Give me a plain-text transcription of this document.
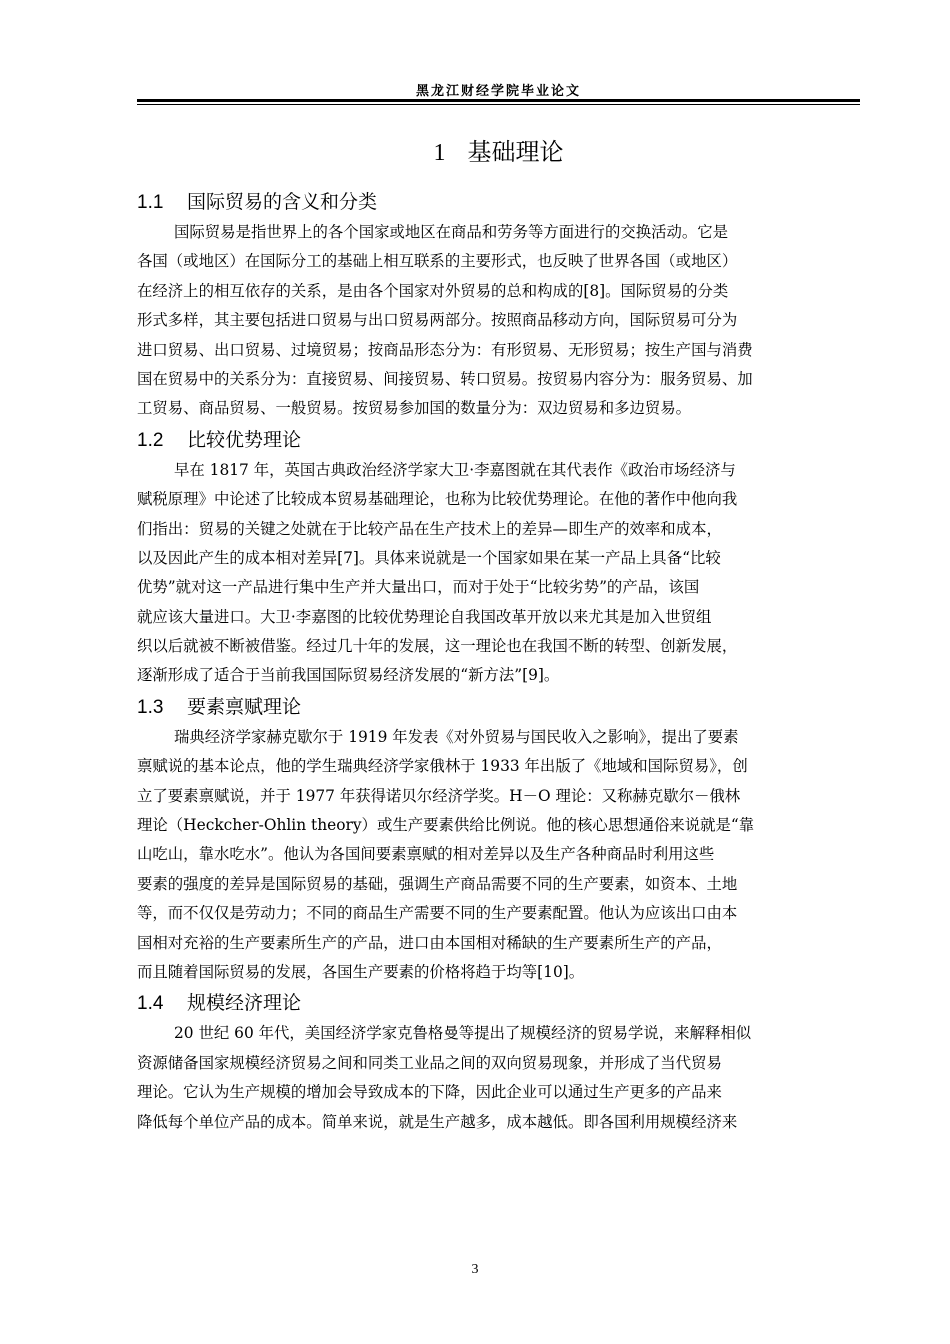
黑龙江财经学院毕业论文
1 基础理论
1.1 国际贸易的含义和分类

国际贸易是指世界上的各个国家或地区在商品和劳务等方面进行的交换活动。它是

各国（或地区）在国际分工的基础上相互联系的主要形式，也反映了世界各国（或地区）

在经济上的相互依存的关系，是由各个国家对外贸易的总和构成的[8]。国际贸易的分类

形式多样，其主要包括进口贸易与出口贸易两部分。按照商品移动方向，国际贸易可分为

进口贸易、出口贸易、过境贸易；按商品形态分为：有形贸易、无形贸易；按生产国与消费

国在贸易中的关系分为：直接贸易、间接贸易、转口贸易。按贸易内容分为：服务贸易、加

工贸易、商品贸易、一般贸易。按贸易参加国的数量分为：双边贸易和多边贸易。

1.2 比较优势理论

早在 1817 年，英国古典政治经济学家大卫·李嘉图就在其代表作《政治市场经济与

赋税原理》中论述了比较成本贸易基础理论，也称为比较优势理论。在他的著作中他向我

们指出：贸易的关键之处就在于比较产品在生产技术上的差异—即生产的效率和成本，

以及因此产生的成本相对差异[7]。具体来说就是一个国家如果在某一产品上具备“比较

优势”就对这一产品进行集中生产并大量出口，而对于处于“比较劣势”的产品，该国

就应该大量进口。大卫·李嘉图的比较优势理论自我国改革开放以来尤其是加入世贸组

织以后就被不断被借鉴。经过几十年的发展，这一理论也在我国不断的转型、创新发展，

逐渐形成了适合于当前我国国际贸易经济发展的“新方法”[9]。

1.3 要素禀赋理论

瑞典经济学家赫克歇尔于 1919 年发表《对外贸易与国民收入之影响》，提出了要素

禀赋说的基本论点，他的学生瑞典经济学家俄林于 1933 年出版了《地域和国际贸易》，创

立了要素禀赋说，并于 1977 年获得诺贝尔经济学奖。H－O 理论：又称赫克歇尔－俄林

理论（Heckcher-Ohlin theory）或生产要素供给比例说。他的核心思想通俗来说就是“靠

山吃山，靠水吃水”。他认为各国间要素禀赋的相对差异以及生产各种商品时利用这些

要素的强度的差异是国际贸易的基础，强调生产商品需要不同的生产要素，如资本、土地

等，而不仅仅是劳动力；不同的商品生产需要不同的生产要素配置。他认为应该出口由本

国相对充裕的生产要素所生产的产品，进口由本国相对稀缺的生产要素所生产的产品，

而且随着国际贸易的发展，各国生产要素的价格将趋于均等[10]。

1.4 规模经济理论

20 世纪 60 年代，美国经济学家克鲁格曼等提出了规模经济的贸易学说，来解释相似

资源储备国家规模经济贸易之间和同类工业品之间的双向贸易现象，并形成了当代贸易

理论。它认为生产规模的增加会导致成本的下降，因此企业可以通过生产更多的产品来

降低每个单位产品的成本。简单来说，就是生产越多，成本越低。即各国利用规模经济来

3
